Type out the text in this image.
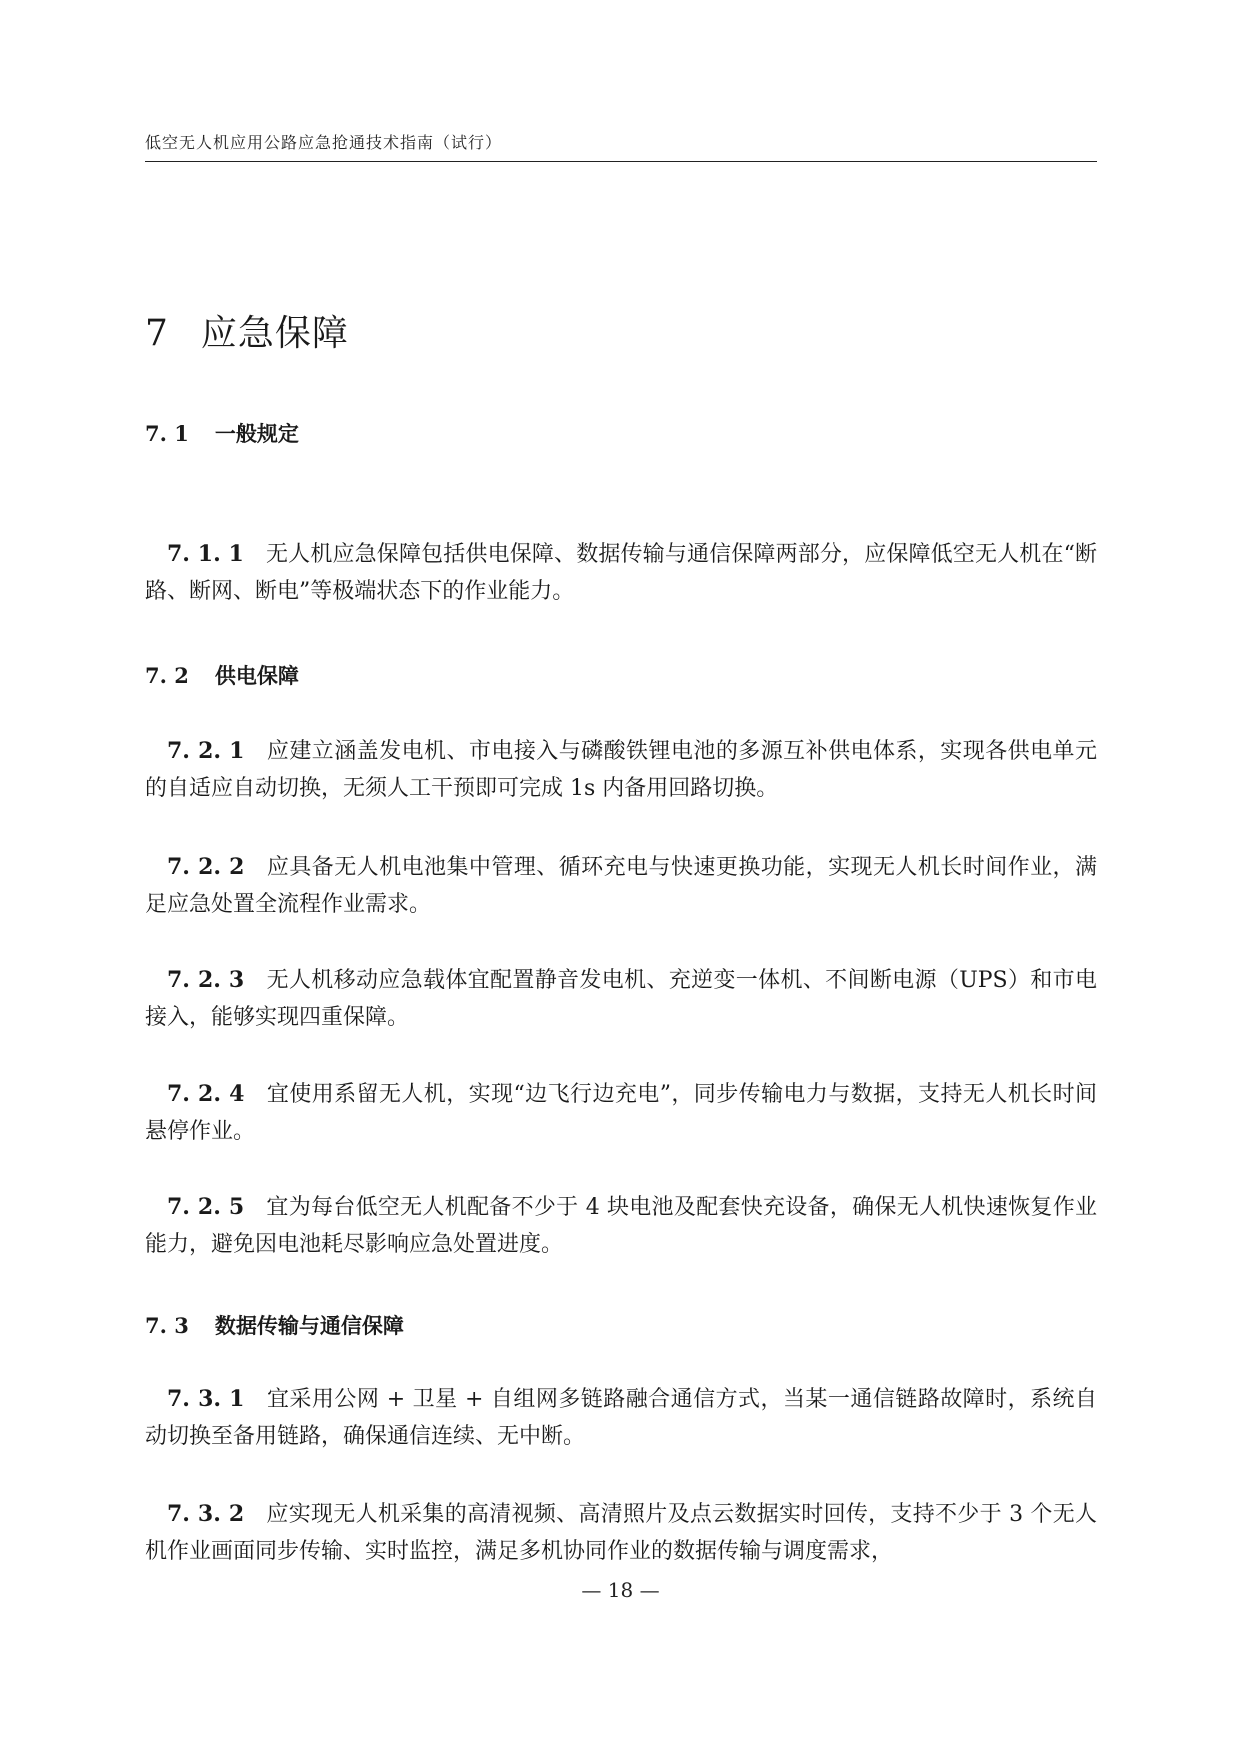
低空无人机应用公路应急抢通技术指南（试行）
7 应急保障
7. 1 一般规定
7. 1. 1 无人机应急保障包括供电保障、数据传输与通信保障两部分，应保障低空无人机在“断路、断网、断电”等极端状态下的作业能力。
7. 2 供电保障
7. 2. 1 应建立涵盖发电机、市电接入与磷酸铁锂电池的多源互补供电体系，实现各供电单元的自适应自动切换，无须人工干预即可完成 1s 内备用回路切换。
7. 2. 2 应具备无人机电池集中管理、循环充电与快速更换功能，实现无人机长时间作业，满足应急处置全流程作业需求。
7. 2. 3 无人机移动应急载体宜配置静音发电机、充逆变一体机、不间断电源（UPS）和市电接入，能够实现四重保障。
7. 2. 4 宜使用系留无人机，实现“边飞行边充电”，同步传输电力与数据，支持无人机长时间悬停作业。
7. 2. 5 宜为每台低空无人机配备不少于 4 块电池及配套快充设备，确保无人机快速恢复作业能力，避免因电池耗尽影响应急处置进度。
7. 3 数据传输与通信保障
7. 3. 1 宜采用公网 + 卫星 + 自组网多链路融合通信方式，当某一通信链路故障时，系统自动切换至备用链路，确保通信连续、无中断。
7. 3. 2 应实现无人机采集的高清视频、高清照片及点云数据实时回传，支持不少于 3 个无人机作业画面同步传输、实时监控，满足多机协同作业的数据传输与调度需求，
— 18 —
